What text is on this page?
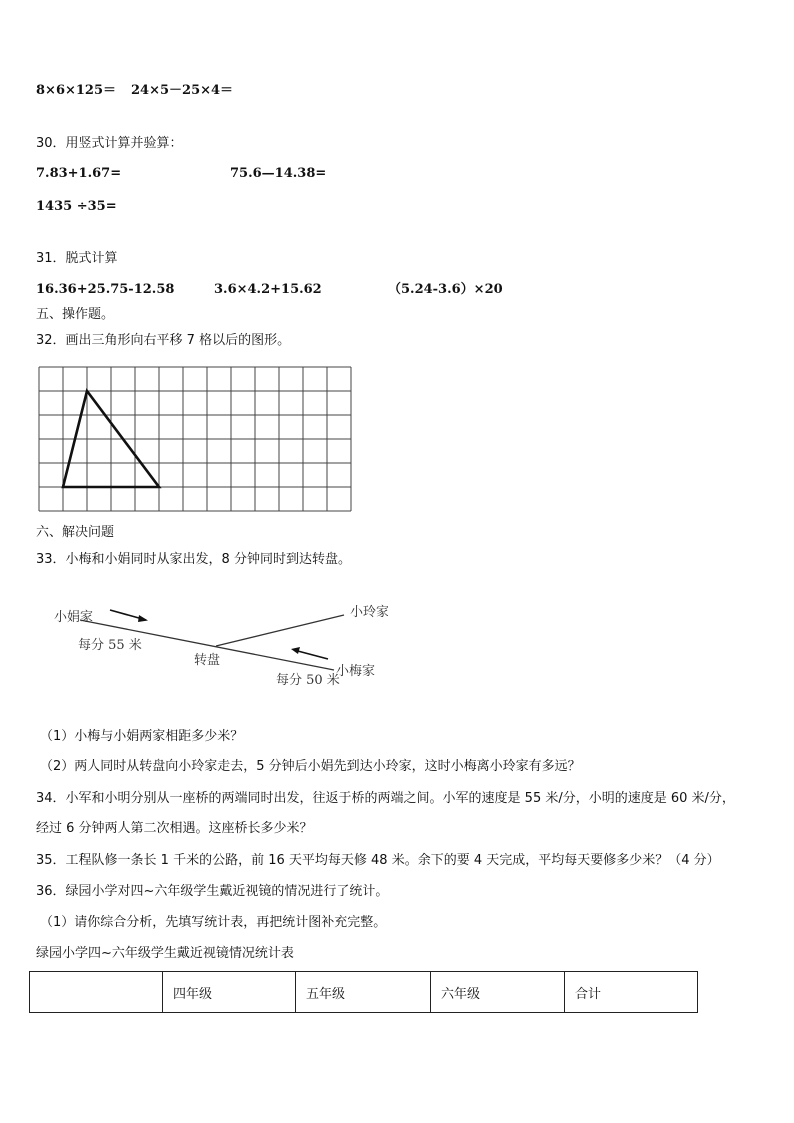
8×6×125＝ 24×5－25×4＝
30．用竖式计算并验算：
7.83+1.67=	75.6—14.38=
1435 ÷35=
31．脱式计算
16.36+25.75-12.58	3.6×4.2+15.62	（5.24-3.6）×20
五、操作题。
32．画出三角形向右平移 7 格以后的图形。
六、解决问题
33．小梅和小娟同时从家出发，8 分钟同时到达转盘。
小娟家	小玲家
小梅家
转盘
每分 55 米
每分 50 米
（1）小梅与小娟两家相距多少米？
（2）两人同时从转盘向小玲家走去，5 分钟后小娟先到达小玲家，这时小梅离小玲家有多远？
34．小军和小明分别从一座桥的两端同时出发，往返于桥的两端之间。小军的速度是 55 米/分，小明的速度是 60 米/分，
经过 6 分钟两人第二次相遇。这座桥长多少米？
35．工程队修一条长 1 千米的公路，前 16 天平均每天修 48 米。余下的要 4 天完成，平均每天要修多少米？（4 分）
36．绿园小学对四~六年级学生戴近视镜的情况进行了统计。
（1）请你综合分析，先填写统计表，再把统计图补充完整。
绿园小学四~六年级学生戴近视镜情况统计表
	四年级	五年级	六年级	合计
